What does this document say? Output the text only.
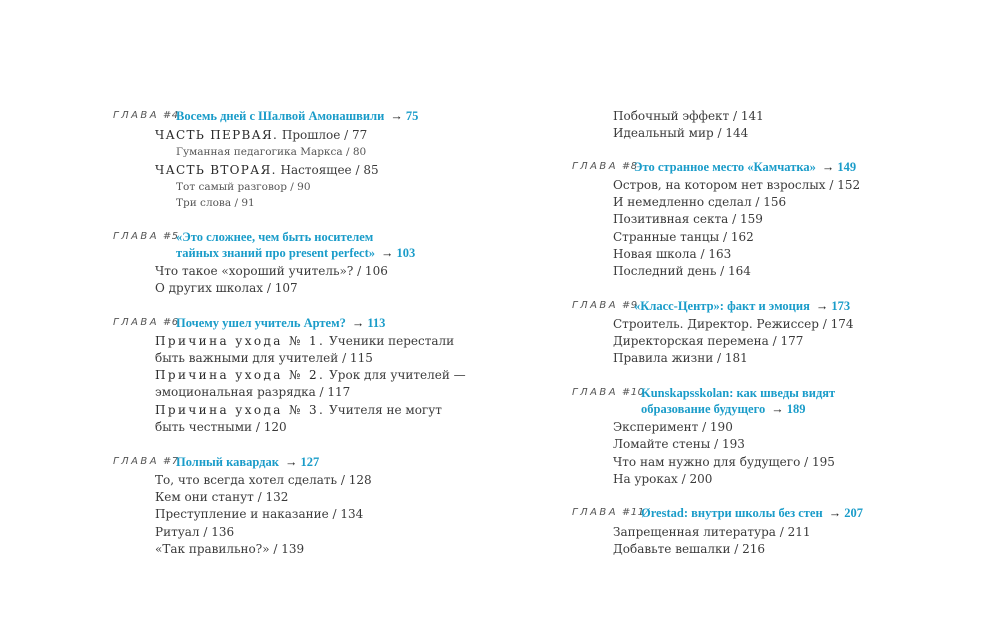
ГЛАВА #4
Восемь дней с Шалвой Амонашвили → 75
ЧАСТЬ ПЕРВАЯ. Прошлое / 77
Гуманная педагогика Маркса / 80
ЧАСТЬ ВТОРАЯ. Настоящее / 85
Тот самый разговор / 90
Три слова / 91
ГЛАВА #5
«Это сложнее, чем быть носителем
тайных знаний про present perfect» → 103
Что такое «хороший учитель»? / 106
О других школах / 107
ГЛАВА #6
Почему ушел учитель Артем? → 113
Причина ухода № 1. Ученики перестали
быть важными для учителей / 115
Причина ухода № 2. Урок для учителей —
эмоциональная разрядка / 117
Причина ухода № 3. Учителя не могут
быть честными / 120
ГЛАВА #7
Полный кавардак → 127
То, что всегда хотел сделать / 128
Кем они станут / 132
Преступление и наказание / 134
Ритуал / 136
«Так правильно?» / 139
Побочный эффект / 141
Идеальный мир / 144
ГЛАВА #8
Это странное место «Камчатка» → 149
Остров, на котором нет взрослых / 152
И немедленно сделал / 156
Позитивная секта / 159
Странные танцы / 162
Новая школа / 163
Последний день / 164
ГЛАВА #9
«Класс-Центр»: факт и эмоция → 173
Строитель. Директор. Режиссер / 174
Директорская перемена / 177
Правила жизни / 181
ГЛАВА #10
Kunskapsskolan: как шведы видят
образование будущего → 189
Эксперимент / 190
Ломайте стены / 193
Что нам нужно для будущего / 195
На уроках / 200
ГЛАВА #11
Ørestad: внутри школы без стен → 207
Запрещенная литература / 211
Добавьте вешалки / 216
